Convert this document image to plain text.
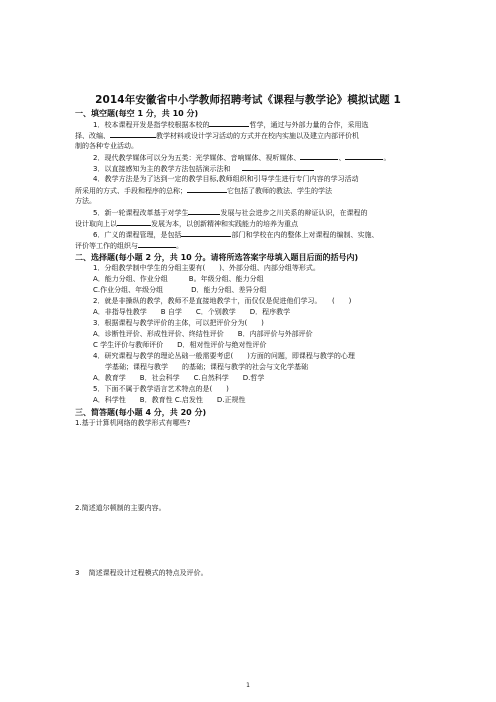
2014年安徽省中小学教师招聘考试《课程与教学论》模拟试题 1
一、填空题(每空 1 分，共 10 分)
1．校本课程开发是指学校根据本校的	哲学，通过与外部力量的合作，采用选
择、改编、	教学材料或设计学习活动的方式并在校内实施以及建立内部评价机
制的各种专业活动。
2．现代教学媒体可以分为五类：光学媒体、音响媒体、视听媒体、	、	。
3．以直接感知为主的教学方法包括演示法和
4．教学方法是为了达到一定的教学目标,教师组织和引导学生进行专门内容的学习活动
所采用的方式、手段和程序的总称；	它包括了教师的教法、学生的学法
方法。
5．新一轮课程改革基于对学生	发展与社会进步之川关系的辩证认识，在课程的
设计取向上以	发展为本，以创新精神和实践能力的培养为重点
6．广义的课程管理，是包括	部门和学校在内的整体上对课程的编制、实施、
评价等工作的组织与	。
二、选择题(每小题 2 分，共 10 分。请将所选答案字母填入题目后面的括号内)
1．分组教学制中学生的分组主要有(　　)、外部分组、内部分组等形式。
A．能力分组、作业分组　　　B。年级分组、能力分组
C.作业分组、年级分组　　　　D．能力分组、差异分组
2．就是非操纵的教学，教师不是直接地教学十，而仅仅是促进他们学习。　　(　　)
A．非指导性教学　　B 自学　　C．个别教学　　D．程序教学
3．根据课程与教学评价的主体，可以把评价分为(　　)
A．诊断性评价、形成性评价、终结性评价　　B．内部评价与外部评价
C 学生评价与教师评价　　D．相对性评价与绝对性评价
4．研究课程与教学的理论丛础一般需要考虑(　　)方面的问题，即课程与教学的心理
学基础；课程与教学　　的基础；课程与教学的社会与文化学基础
A．教育学　　B．社会科学　　C.自然科学　　D.哲学
5．下面不属于教学语言艺术特点的是(　　)
A．科学性　　B．教育性 C.启发性　　D.正规性
三、简答题(每小题 4 分，共 20 分)
1.基于计算机网络的教学形式有哪些?
2.简述道尔顿制的主要内容。
3　 简述课程设计过程模式的特点及评价。
1
